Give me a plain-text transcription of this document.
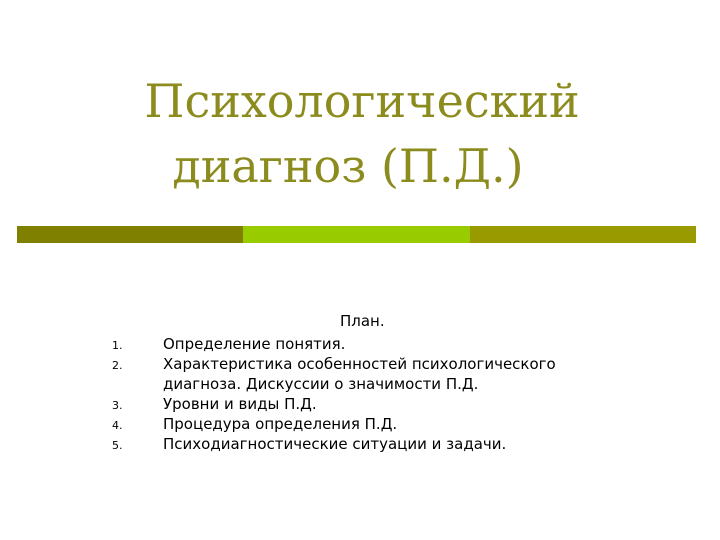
Психологический
диагноз (П.Д.)
План.
1.	Определение понятия.
2.	Характеристика особенностей психологического
диагноза. Дискуссии о значимости П.Д.
3.	Уровни и виды П.Д.
4.	Процедура определения П.Д.
5.	Психодиагностические ситуации и задачи.
